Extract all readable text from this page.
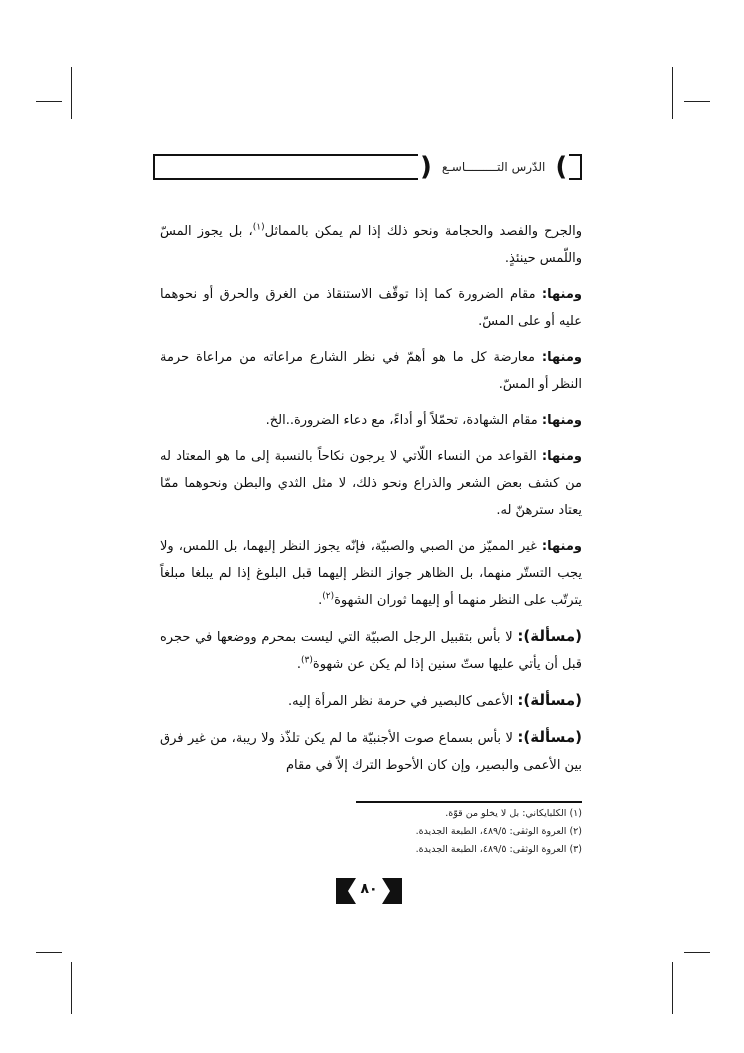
) الدّرس التـــــــــاسـع (

والجرح والفصد والحجامة ونحو ذلك إذا لم يمكن بالمماثل$^{(١)}$، بل يجوز المسّ واللّمس حينئذٍ.

ومنها: مقام الضرورة كما إذا توقّف الاستنقاذ من الغرق والحرق أو نحوهما عليه أو على المسّ.

ومنها: معارضة كل ما هو أهمّ في نظر الشارع مراعاته من مراعاة حرمة النظر أو المسّ.

ومنها: مقام الشهادة، تحمّلاً أو أداءً، مع دعاء الضرورة..الخ.

ومنها: القواعد من النساء اللّاتي لا يرجون نكاحاً بالنسبة إلى ما هو المعتاد له من كشف بعض الشعر والذراع ونحو ذلك، لا مثل الثدي والبطن ونحوهما ممّا يعتاد سترهنّ له.

ومنها: غير المميّز من الصبي والصبيّة، فإنّه يجوز النظر إليهما، بل اللمس، ولا يجب التستّر منهما، بل الظاهر جواز النظر إليهما قبل البلوغ إذا لم يبلغا مبلغاً يترتّب على النظر منهما أو إليهما ثوران الشهوة$^{(٢)}$.

(مسألة): لا بأس بتقبيل الرجل الصبيّة التي ليست بمحرم ووضعها في حجره قبل أن يأتي عليها ستّ سنين إذا لم يكن عن شهوة$^{(٣)}$.

(مسألة): الأعمى كالبصير في حرمة نظر المرأة إليه.

(مسألة): لا بأس بسماع صوت الأجنبيّة ما لم يكن تلذّذ ولا ريبة، من غير فرق بين الأعمى والبصير، وإن كان الأحوط الترك إلاّ في مقام

(١) الكلبايكاني: بل لا يخلو من قوّة.
(٢) العروة الوثقى: ٤٨٩/٥، الطبعة الجديدة.
(٣) العروة الوثقى: ٤٨٩/٥، الطبعة الجديدة.
٨٠
